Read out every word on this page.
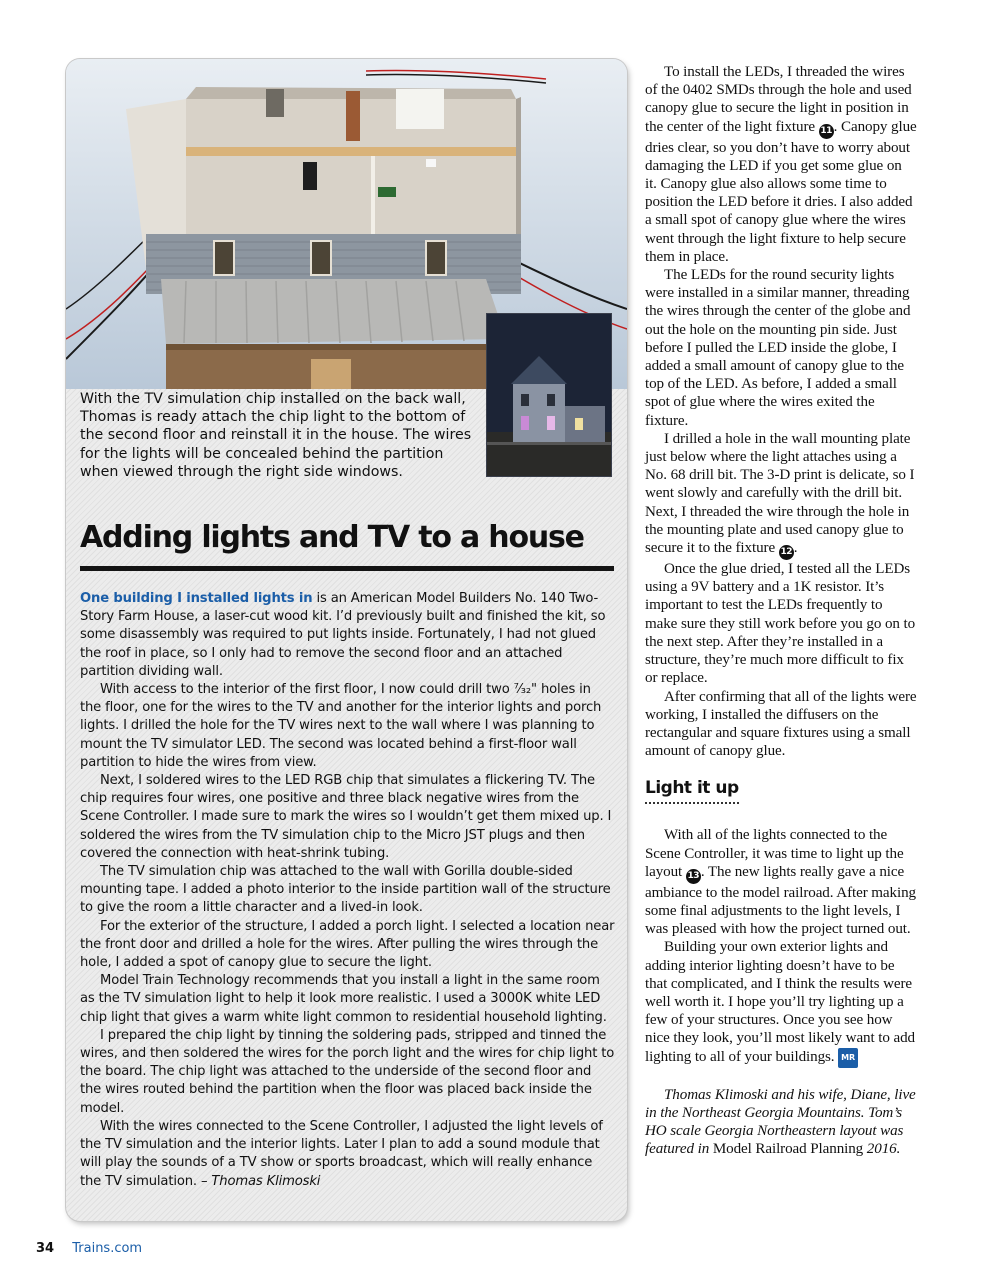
With the TV simulation chip installed on the back wall, Thomas is ready attach the chip light to the bottom of the second floor and reinstall it in the house. The wires for the lights will be concealed behind the partition when viewed through the right side windows.
Adding lights and TV to a house

One building I installed lights in is an American Model Builders No. 140 Two-Story Farm House, a laser-cut wood kit. I’d previously built and finished the kit, so some disassembly was required to put lights inside. Fortunately, I had not glued the roof in place, so I only had to remove the second floor and an attached partition dividing wall.

With access to the interior of the first floor, I now could drill two ⁷⁄₃₂" holes in the floor, one for the wires to the TV and another for the interior lights and porch lights. I drilled the hole for the TV wires next to the wall where I was planning to mount the TV simulator LED. The second was located behind a first-floor wall partition to hide the wires from view.

Next, I soldered wires to the LED RGB chip that simulates a flickering TV. The chip requires four wires, one positive and three black negative wires from the Scene Controller. I made sure to mark the wires so I wouldn’t get them mixed up. I soldered the wires from the TV simulation chip to the Micro JST plugs and then covered the connection with heat-shrink tubing.

The TV simulation chip was attached to the wall with Gorilla double-sided mounting tape. I added a photo interior to the inside partition wall of the structure to give the room a little character and a lived-in look.

For the exterior of the structure, I added a porch light. I selected a location near the front door and drilled a hole for the wires. After pulling the wires through the hole, I added a spot of canopy glue to secure the light.

Model Train Technology recommends that you install a light in the same room as the TV simulation light to help it look more realistic. I used a 3000K white LED chip light that gives a warm white light common to residential household lighting.

I prepared the chip light by tinning the soldering pads, stripped and tinned the wires, and then soldered the wires for the porch light and the wires for chip light to the board. The chip light was attached to the underside of the second floor and the wires routed behind the partition when the floor was placed back inside the model.

With the wires connected to the Scene Controller, I adjusted the light levels of the TV simulation and the interior lights. Later I plan to add a sound module that will play the sounds of a TV show or sports broadcast, which will really enhance the TV simulation. – Thomas Klimoski

To install the LEDs, I threaded the wires of the 0402 SMDs through the hole and used canopy glue to secure the light in position in the center of the light fixture 11 . Canopy glue dries clear, so you don’t have to worry about damaging the LED if you get some glue on it. Canopy glue also allows some time to position the LED before it dries. I also added a small spot of canopy glue where the wires went through the light fixture to help secure them in place.

The LEDs for the round security lights were installed in a similar manner, threading the wires through the center of the globe and out the hole on the mounting pin side. Just before I pulled the LED inside the globe, I added a small amount of canopy glue to the top of the LED. As before, I added a small spot of glue where the wires exited the fixture.

I drilled a hole in the wall mounting plate just below where the light attaches using a No. 68 drill bit. The 3-D print is delicate, so I went slowly and carefully with the drill bit. Next, I threaded the wire through the hole in the mounting plate and used canopy glue to secure it to the fixture 12 .

Once the glue dried, I tested all the LEDs using a 9V battery and a 1K resistor. It’s important to test the LEDs frequently to make sure they still work before you go on to the next step. After they’re installed in a structure, they’re much more difficult to fix or replace.

After confirming that all of the lights were working, I installed the diffusers on the rectangular and square fixtures using a small amount of canopy glue.

Light it up

With all of the lights connected to the Scene Controller, it was time to light up the layout 13 . The new lights really gave a nice ambiance to the model railroad. After making some final adjustments to the light levels, I was pleased with how the project turned out.

Building your own exterior lights and adding interior lighting doesn’t have to be that complicated, and I think the results were well worth it. I hope you’ll try lighting up a few of your structures. Once you see how nice they look, you’ll most likely want to add lighting to all of your buildings. MR

Thomas Klimoski and his wife, Diane, live in the Northeast Georgia Mountains. Tom’s HO scale Georgia Northeastern layout was featured in Model Railroad Planning 2016.

34 Trains.com
